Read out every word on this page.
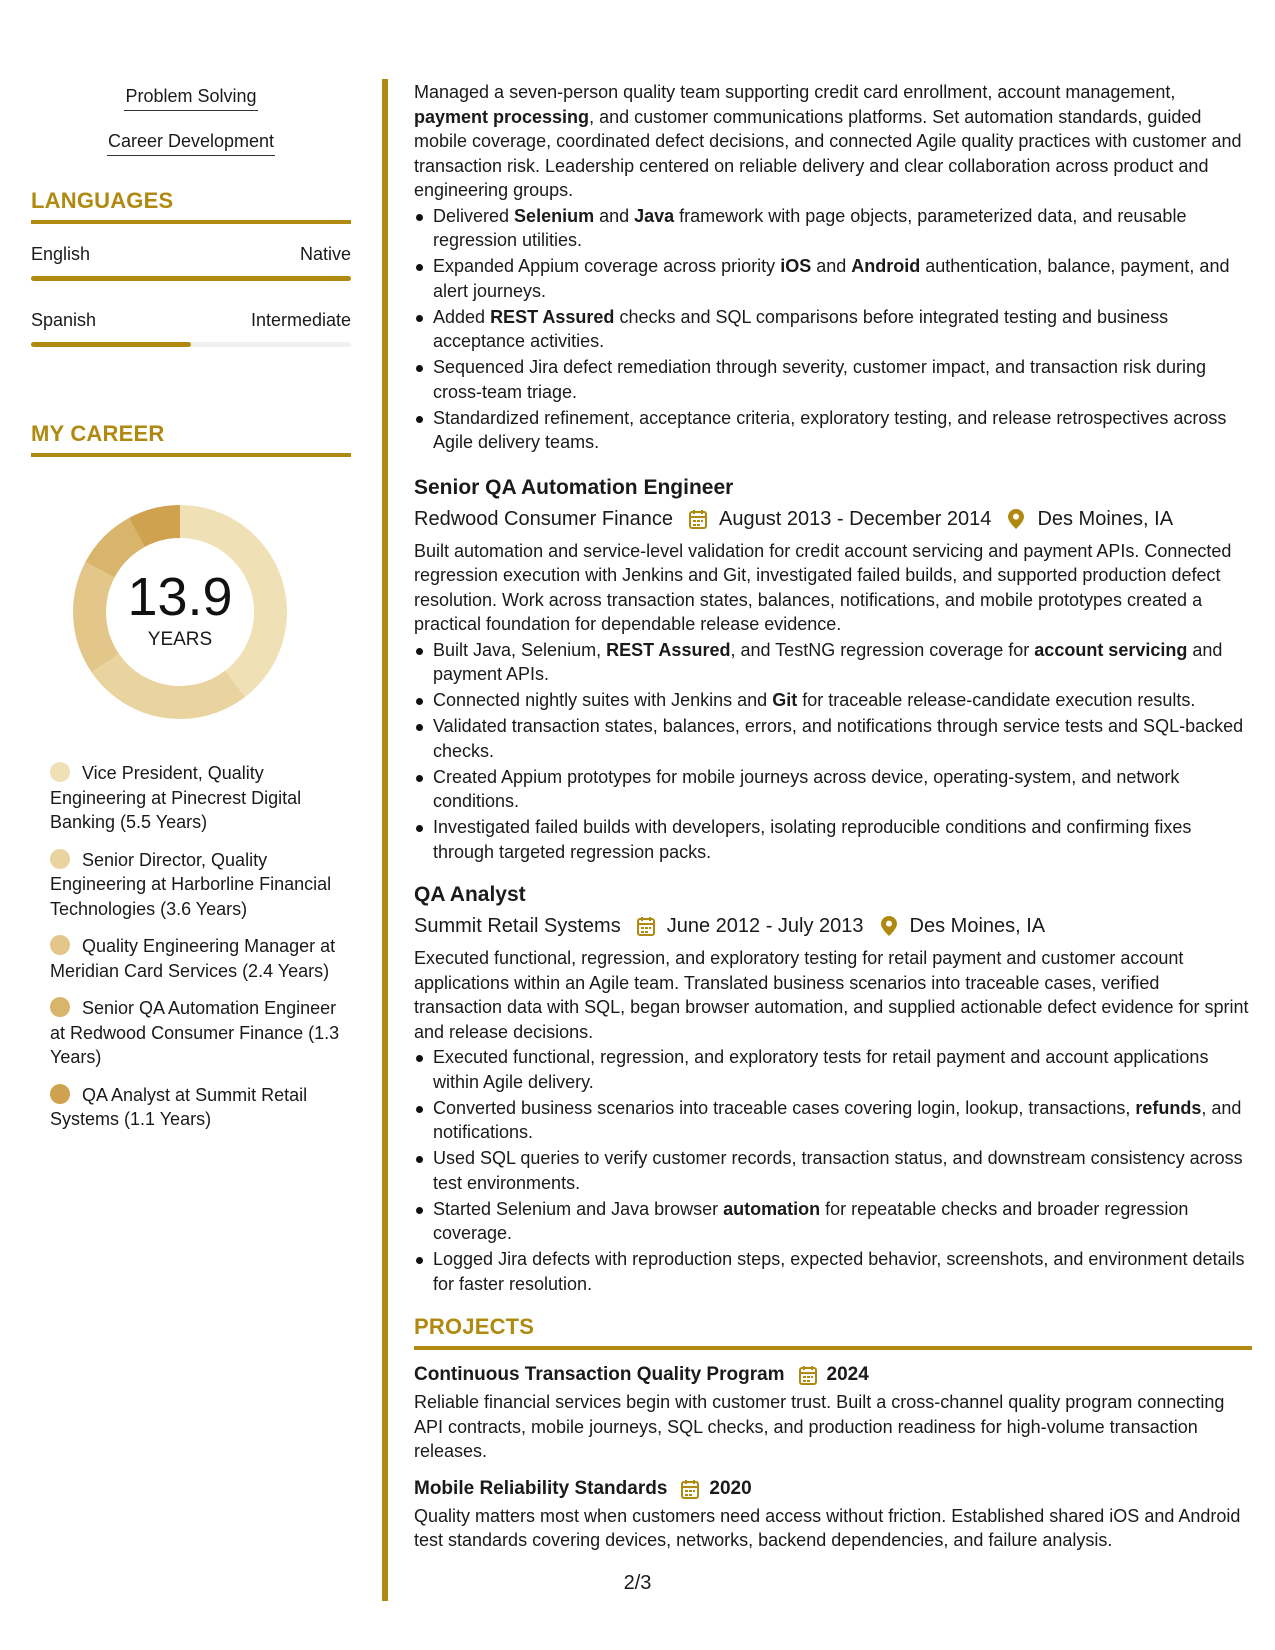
Problem Solving
Career Development
LANGUAGES
English	Native
Spanish	Intermediate
MY CAREER
13.9
YEARS
Vice President, Quality Engineering at Pinecrest Digital Banking (5.5 Years)
Senior Director, Quality Engineering at Harborline Financial Technologies (3.6 Years)
Quality Engineering Manager at Meridian Card Services (2.4 Years)
Senior QA Automation Engineer at Redwood Consumer Finance (1.3 Years)
QA Analyst at Summit Retail Systems (1.1 Years)
Managed a seven-person quality team supporting credit card enrollment, account management, payment processing, and customer communications platforms. Set automation standards, guided mobile coverage, coordinated defect decisions, and connected Agile quality practices with customer and transaction risk. Leadership centered on reliable delivery and clear collaboration across product and engineering groups.
Delivered Selenium and Java framework with page objects, parameterized data, and reusable regression utilities.
Expanded Appium coverage across priority iOS and Android authentication, balance, payment, and alert journeys.
Added REST Assured checks and SQL comparisons before integrated testing and business acceptance activities.
Sequenced Jira defect remediation through severity, customer impact, and transaction risk during cross-team triage.
Standardized refinement, acceptance criteria, exploratory testing, and release retrospectives across Agile delivery teams.
Senior QA Automation Engineer
Redwood Consumer Finance August 2013 - December 2014 Des Moines, IA
Built automation and service-level validation for credit account servicing and payment APIs. Connected regression execution with Jenkins and Git, investigated failed builds, and supported production defect resolution. Work across transaction states, balances, notifications, and mobile prototypes created a practical foundation for dependable release evidence.
Built Java, Selenium, REST Assured, and TestNG regression coverage for account servicing and payment APIs.
Connected nightly suites with Jenkins and Git for traceable release-candidate execution results.
Validated transaction states, balances, errors, and notifications through service tests and SQL-backed checks.
Created Appium prototypes for mobile journeys across device, operating-system, and network conditions.
Investigated failed builds with developers, isolating reproducible conditions and confirming fixes through targeted regression packs.
QA Analyst
Summit Retail Systems June 2012 - July 2013 Des Moines, IA
Executed functional, regression, and exploratory testing for retail payment and customer account applications within an Agile team. Translated business scenarios into traceable cases, verified transaction data with SQL, began browser automation, and supplied actionable defect evidence for sprint and release decisions.
Executed functional, regression, and exploratory tests for retail payment and account applications within Agile delivery.
Converted business scenarios into traceable cases covering login, lookup, transactions, refunds, and notifications.
Used SQL queries to verify customer records, transaction status, and downstream consistency across test environments.
Started Selenium and Java browser automation for repeatable checks and broader regression coverage.
Logged Jira defects with reproduction steps, expected behavior, screenshots, and environment details for faster resolution.
PROJECTS
Continuous Transaction Quality Program 2024
Reliable financial services begin with customer trust. Built a cross-channel quality program connecting API contracts, mobile journeys, SQL checks, and production readiness for high-volume transaction releases.
Mobile Reliability Standards 2020
Quality matters most when customers need access without friction. Established shared iOS and Android test standards covering devices, networks, backend dependencies, and failure analysis.
2/3
